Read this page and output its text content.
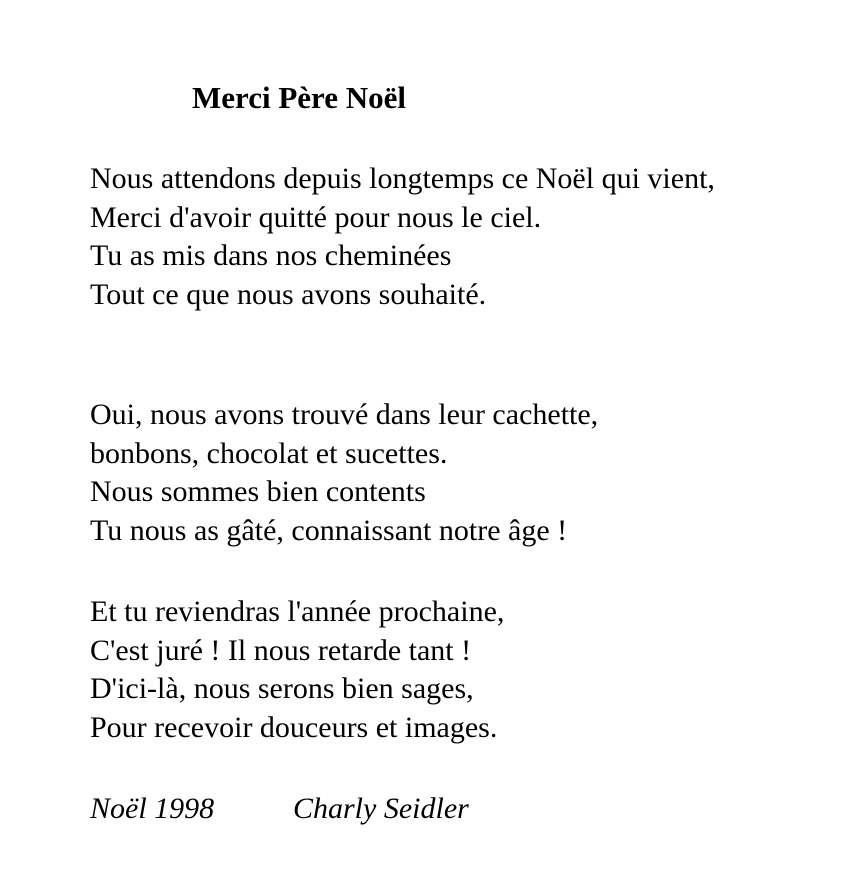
Merci Père Noël
Nous attendons depuis longtemps ce Noël qui vient,
Merci d'avoir quitté pour nous le ciel.
Tu as mis dans nos cheminées
Tout ce que nous avons souhaité.
Oui, nous avons trouvé dans leur cachette,
bonbons, chocolat et sucettes.
Nous sommes bien contents
Tu nous as gâté, connaissant notre âge !
Et tu reviendras l'année prochaine,
C'est juré ! Il nous retarde tant !
D'ici-là, nous serons bien sages,
Pour recevoir douceurs et images.
Noël 1998	Charly Seidler
